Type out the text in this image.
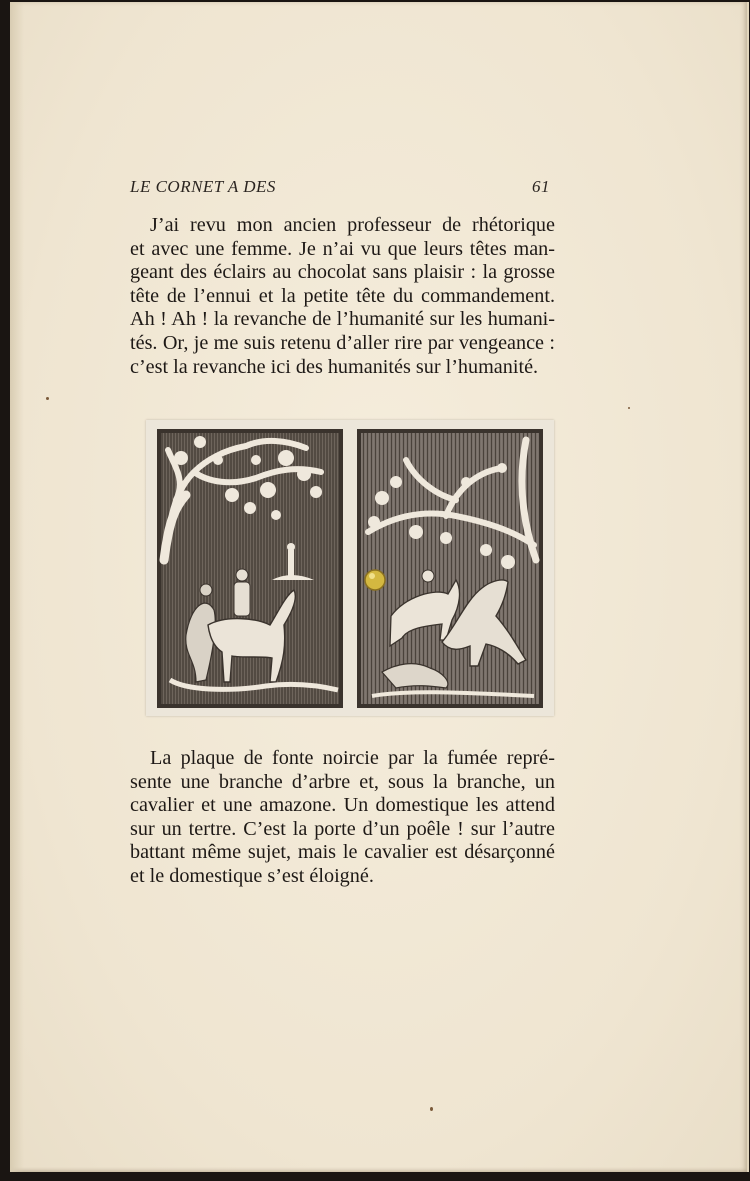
LE CORNET A DES	61
J’ai revu mon ancien professeur de rhétorique
et avec une femme. Je n’ai vu que leurs têtes man-
geant des éclairs au chocolat sans plaisir : la grosse
tête de l’ennui et la petite tête du commandement.
Ah ! Ah ! la revanche de l’humanité sur les humani-
tés. Or, je me suis retenu d’aller rire par vengeance :
c’est la revanche ici des humanités sur l’humanité.
La plaque de fonte noircie par la fumée repré-
sente une branche d’arbre et, sous la branche, un
cavalier et une amazone. Un domestique les attend
sur un tertre. C’est la porte d’un poêle ! sur l’autre
battant même sujet, mais le cavalier est désarçonné
et le domestique s’est éloigné.
